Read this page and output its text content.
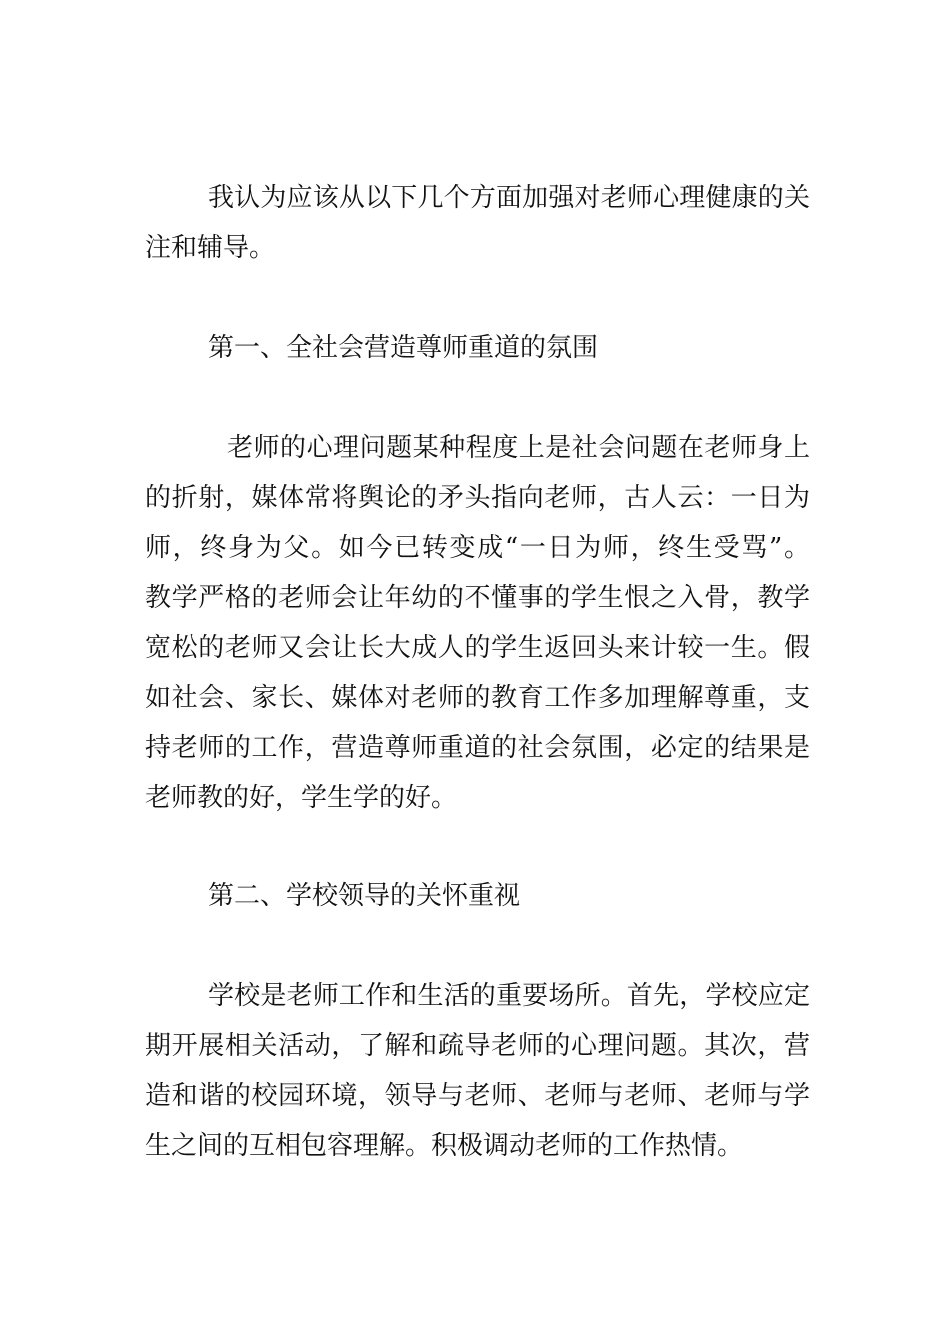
我认为应该从以下几个方面加强对老师心理健康的关
注和辅导。
第一、全社会营造尊师重道的氛围
老师的心理问题某种程度上是社会问题在老师身上
的折射，媒体常将舆论的矛头指向老师，古人云：一日为
师，终身为父。如今已转变成“一日为师，终生受骂”。
教学严格的老师会让年幼的不懂事的学生恨之入骨，教学
宽松的老师又会让长大成人的学生返回头来计较一生。假
如社会、家长、媒体对老师的教育工作多加理解尊重，支
持老师的工作，营造尊师重道的社会氛围，必定的结果是
老师教的好，学生学的好。
第二、学校领导的关怀重视
学校是老师工作和生活的重要场所。首先，学校应定
期开展相关活动，了解和疏导老师的心理问题。其次，营
造和谐的校园环境，领导与老师、老师与老师、老师与学
生之间的互相包容理解。积极调动老师的工作热情。
